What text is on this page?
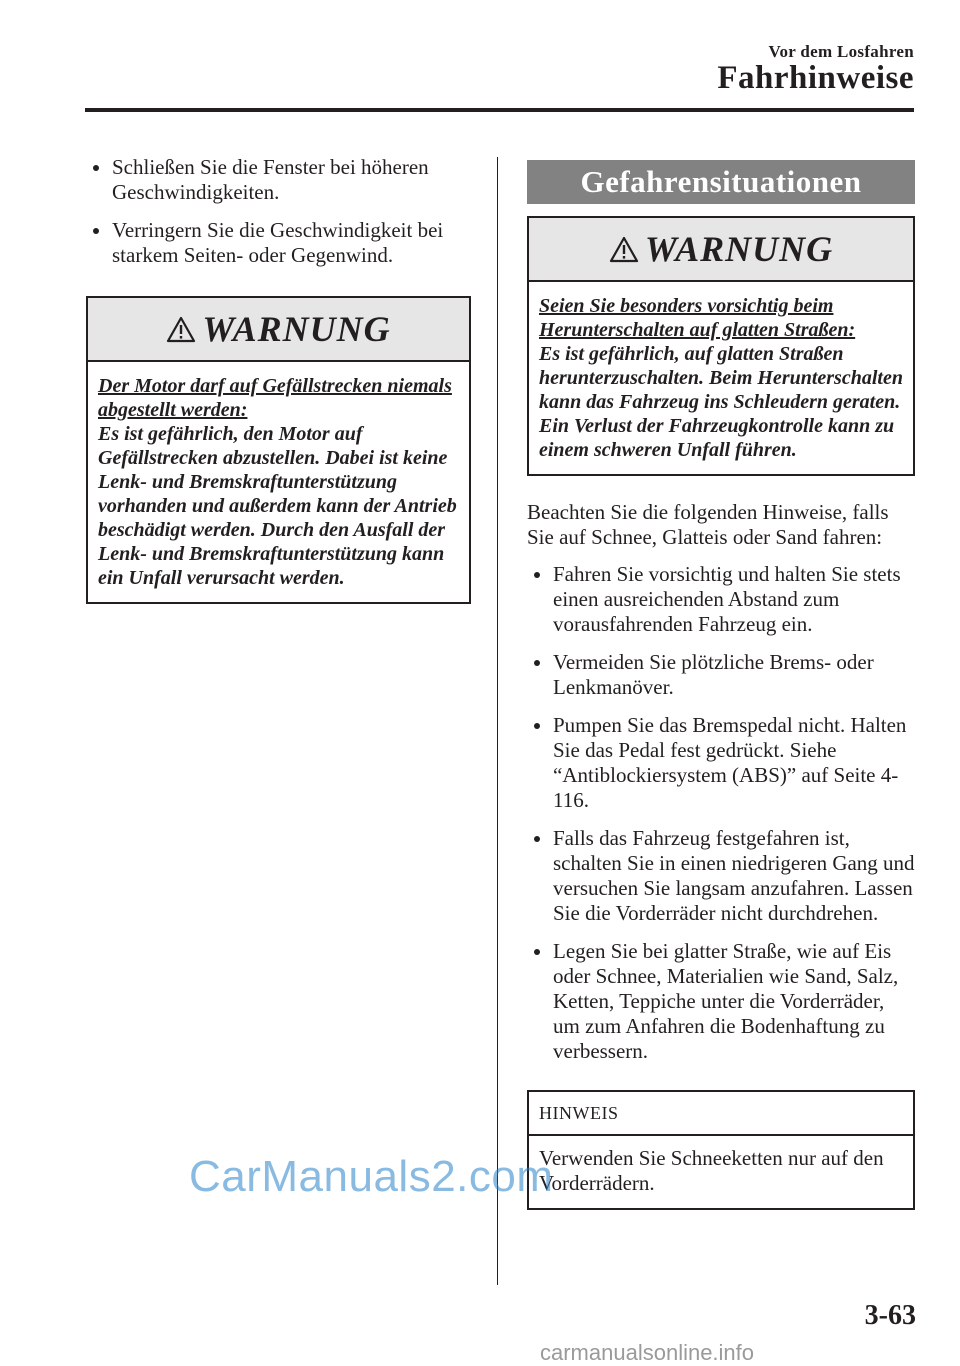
Vor dem Losfahren
Fahrhinweise
Schließen Sie die Fenster bei höheren Geschwindigkeiten.
Verringern Sie die Geschwindigkeit bei starkem Seiten- oder Gegenwind.
WARNUNG
Der Motor darf auf Gefällstrecken niemals abgestellt werden:
Es ist gefährlich, den Motor auf Gefällstrecken abzustellen. Dabei ist keine Lenk- und Bremskraftunterstützung vorhanden und außerdem kann der Antrieb beschädigt werden. Durch den Ausfall der Lenk- und Bremskraftunterstützung kann ein Unfall verursacht werden.
Gefahrensituationen
WARNUNG
Seien Sie besonders vorsichtig beim Herunterschalten auf glatten Straßen:
Es ist gefährlich, auf glatten Straßen herunterzuschalten. Beim Herunterschalten kann das Fahrzeug ins Schleudern geraten. Ein Verlust der Fahrzeugkontrolle kann zu einem schweren Unfall führen.

Beachten Sie die folgenden Hinweise, falls Sie auf Schnee, Glatteis oder Sand fahren:

Fahren Sie vorsichtig und halten Sie stets einen ausreichenden Abstand zum vorausfahrenden Fahrzeug ein.
Vermeiden Sie plötzliche Brems- oder Lenkmanöver.
Pumpen Sie das Bremspedal nicht. Halten Sie das Pedal fest gedrückt. Siehe “Antiblockiersystem (ABS)” auf Seite 4-116.
Falls das Fahrzeug festgefahren ist, schalten Sie in einen niedrigeren Gang und versuchen Sie langsam anzufahren. Lassen Sie die Vorderräder nicht durchdrehen.
Legen Sie bei glatter Straße, wie auf Eis oder Schnee, Materialien wie Sand, Salz, Ketten, Teppiche unter die Vorderräder, um zum Anfahren die Bodenhaftung zu verbessern.
HINWEIS
Verwenden Sie Schneeketten nur auf den Vorderrädern.
3-63
CarManuals2.com
carmanualsonline.info
